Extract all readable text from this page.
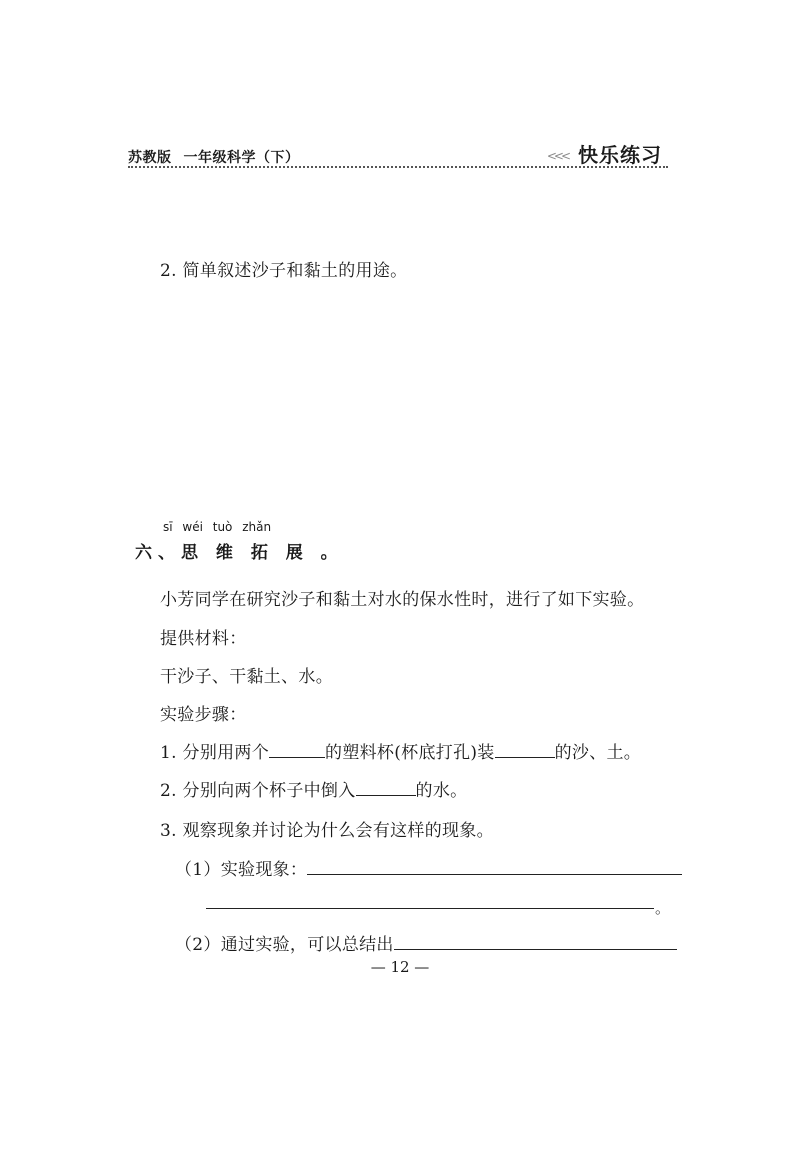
苏教版 一年级科学（下）	<<< 快乐练习
2. 简单叙述沙子和黏土的用途。
sī wéi tuò zhǎn
六、思 维 拓 展 。
小芳同学在研究沙子和黏土对水的保水性时，进行了如下实验。
提供材料：
干沙子、干黏土、水。
实验步骤：
1. 分别用两个	的塑料杯(杯底打孔)装	的沙、土。
2. 分别向两个杯子中倒入	的水。
3. 观察现象并讨论为什么会有这样的现象。
（1）实验现象：
。
（2）通过实验，可以总结出
— 12 —
